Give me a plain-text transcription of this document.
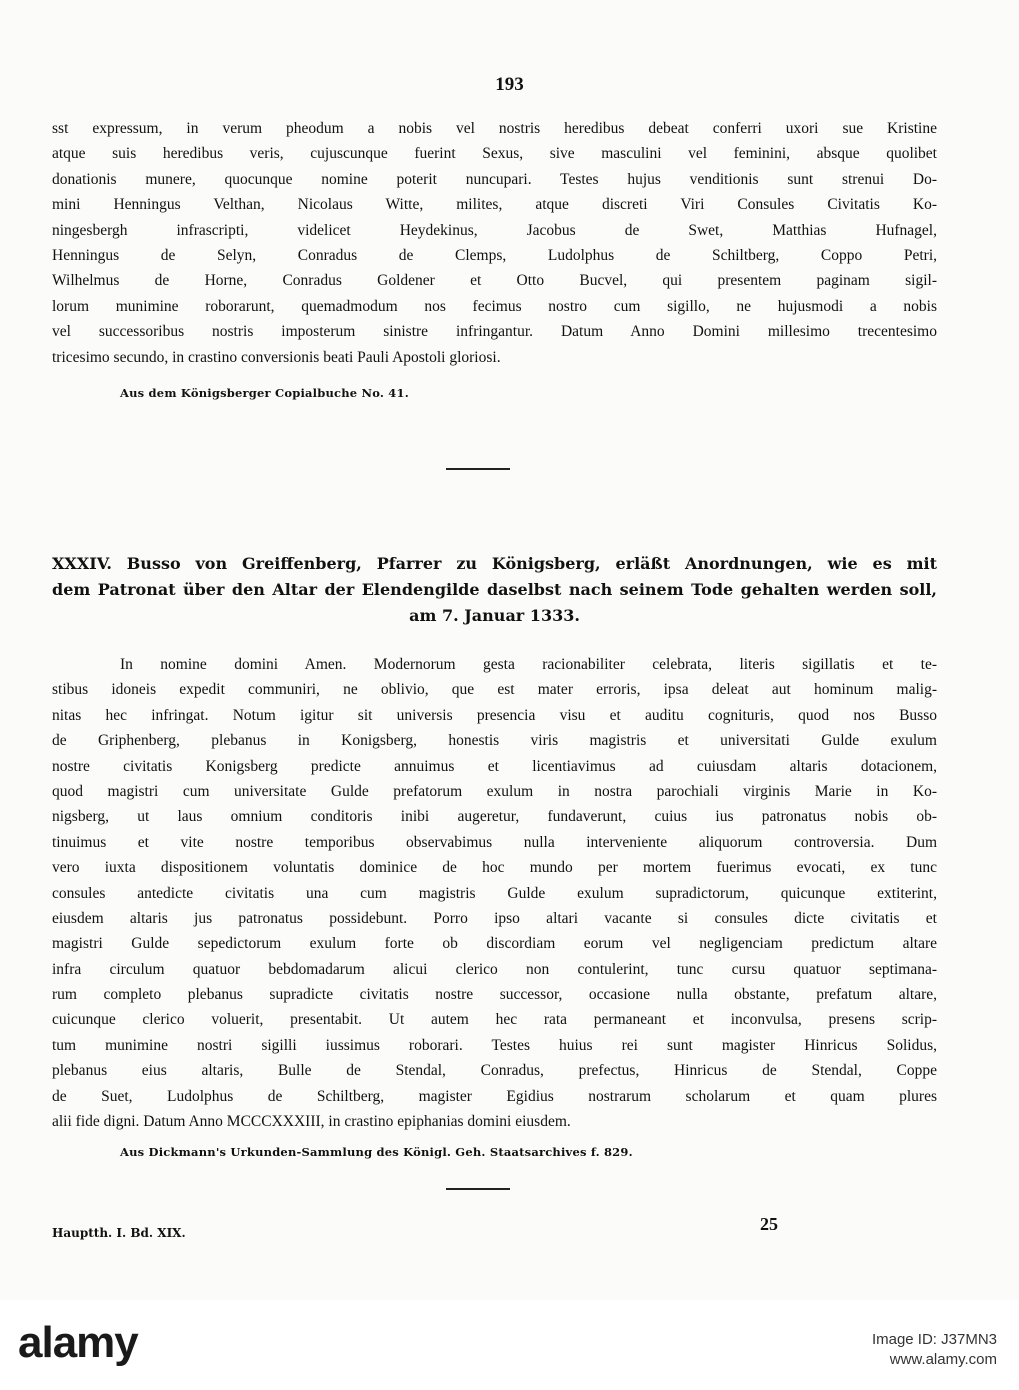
193
sst expressum, in verum pheodum a nobis vel nostris heredibus debeat conferri uxori sue Kristine
atque suis heredibus veris, cujuscunque fuerint Sexus, sive masculini vel feminini, absque quolibet
donationis munere, quocunque nomine poterit nuncupari. Testes hujus venditionis sunt strenui Do-
mini Henningus Velthan, Nicolaus Witte, milites, atque discreti Viri Consules Civitatis Ko-
ningesbergh infrascripti, videlicet Heydekinus, Jacobus de Swet, Matthias Hufnagel,
Henningus de Selyn, Conradus de Clemps, Ludolphus de Schiltberg, Coppo Petri,
Wilhelmus de Horne, Conradus Goldener et Otto Bucvel, qui presentem paginam sigil-
lorum munimine roborarunt, quemadmodum nos fecimus nostro cum sigillo, ne hujusmodi a nobis
vel successoribus nostris imposterum sinistre infringantur. Datum Anno Domini millesimo trecentesimo
tricesimo secundo, in crastino conversionis beati Pauli Apostoli gloriosi.
Aus dem Königsberger Copialbuche No. 41.
XXXIV. Busso von Greiffenberg, Pfarrer zu Königsberg, erläßt Anordnungen, wie es mit
dem Patronat über den Altar der Elendengilde daselbst nach seinem Tode gehalten werden soll,
am 7. Januar 1333.
In nomine domini Amen. Modernorum gesta racionabiliter celebrata, literis sigillatis et te-
stibus idoneis expedit communiri, ne oblivio, que est mater erroris, ipsa deleat aut hominum malig-
nitas hec infringat. Notum igitur sit universis presencia visu et auditu cognituris, quod nos Busso
de Griphenberg, plebanus in Konigsberg, honestis viris magistris et universitati Gulde exulum
nostre civitatis Konigsberg predicte annuimus et licentiavimus ad cuiusdam altaris dotacionem,
quod magistri cum universitate Gulde prefatorum exulum in nostra parochiali virginis Marie in Ko-
nigsberg, ut laus omnium conditoris inibi augeretur, fundaverunt, cuius ius patronatus nobis ob-
tinuimus et vite nostre temporibus observabimus nulla interveniente aliquorum controversia. Dum
vero iuxta dispositionem voluntatis dominice de hoc mundo per mortem fuerimus evocati, ex tunc
consules antedicte civitatis una cum magistris Gulde exulum supradictorum, quicunque extiterint,
eiusdem altaris jus patronatus possidebunt. Porro ipso altari vacante si consules dicte civitatis et
magistri Gulde sepedictorum exulum forte ob discordiam eorum vel negligenciam predictum altare
infra circulum quatuor bebdomadarum alicui clerico non contulerint, tunc cursu quatuor septimana-
rum completo plebanus supradicte civitatis nostre successor, occasione nulla obstante, prefatum altare,
cuicunque clerico voluerit, presentabit. Ut autem hec rata permaneant et inconvulsa, presens scrip-
tum munimine nostri sigilli iussimus roborari. Testes huius rei sunt magister Hinricus Solidus,
plebanus eius altaris, Bulle de Stendal, Conradus, prefectus, Hinricus de Stendal, Coppe
de Suet, Ludolphus de Schiltberg, magister Egidius nostrarum scholarum et quam plures
alii fide digni. Datum Anno MCCCXXXIII, in crastino epiphanias domini eiusdem.
Aus Dickmann's Urkunden-Sammlung des Königl. Geh. Staatsarchives f. 829.
Hauptth. I. Bd. XIX.	25
alamy	Image ID: J37MN3
www.alamy.com
